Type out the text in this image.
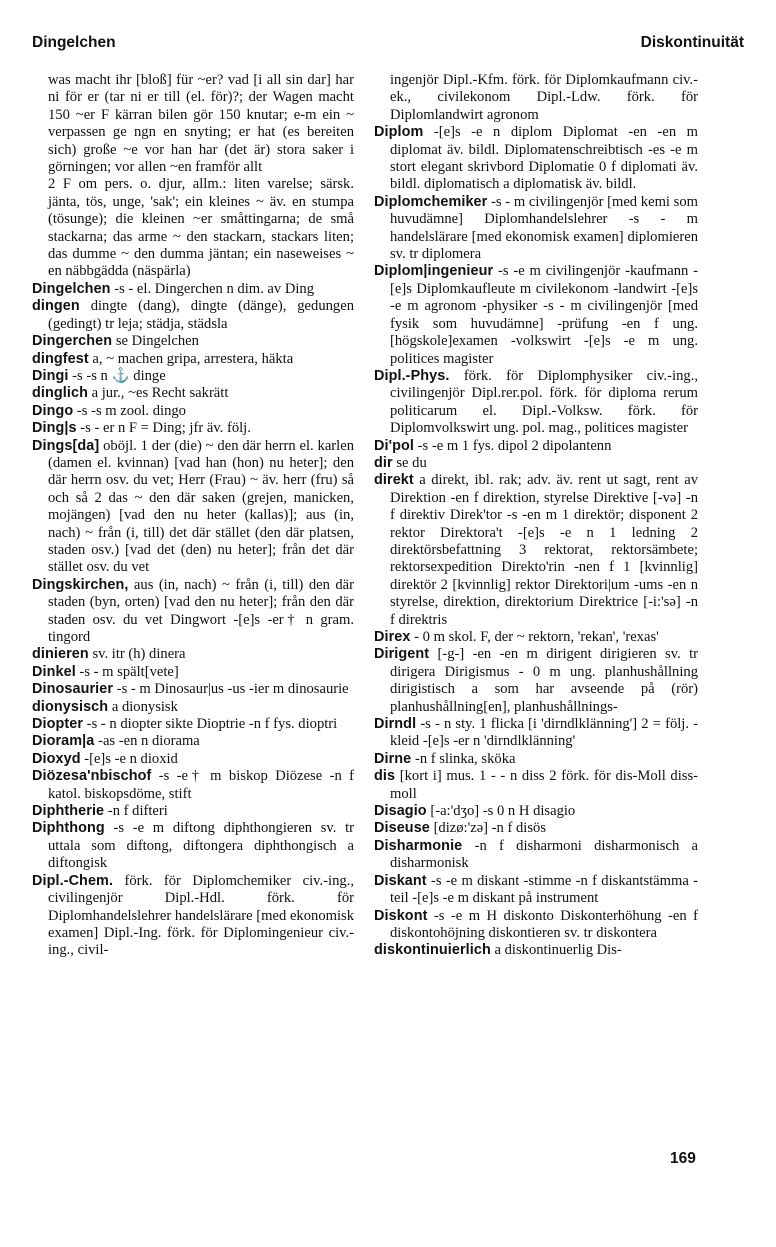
Dingelchen	Diskontinuität

was macht ihr [bloß] für ~er? vad [i all sin dar] har ni för er (tar ni er till (el. för)?; der Wagen macht 150 ~er F kärran bilen gör 150 knutar; e-m ein ~ verpassen ge ngn en snyting; er hat (es bereiten sich) große ~e vor han har (det är) stora saker i görningen; vor allen ~en framför allt

2 F om pers. o. djur, allm.: liten varelse; särsk. jänta, tös, unge, 'sak'; ein kleines ~ äv. en stumpa (tösunge); die kleinen ~er småttingarna; de små stackarna; das arme ~ den stackarn, stackars liten; das dumme ~ den dumma jäntan; ein naseweises ~ en näbbgädda (näspärla)

Dingelchen -s - el. Dingerchen n dim. av Ding

dingen dingte (dang), dingte (dänge), gedungen (gedingt) tr leja; städja, städsla

Dingerchen se Dingelchen

dingfest a, ~ machen gripa, arrestera, häkta

Dingi -s -s n ⚓ dinge

dinglich a jur., ~es Recht sakrätt

Dingo -s -s m zool. dingo

Ding|s -s - er n F = Ding; jfr äv. följ.

Dings[da] oböjl. 1 der (die) ~ den där herrn el. karlen (damen el. kvinnan) [vad han (hon) nu heter]; den där herrn osv. du vet; Herr (Frau) ~ äv. herr (fru) så och så 2 das ~ den där saken (grejen, manicken, mojängen) [vad den nu heter (kallas)]; aus (in, nach) ~ från (i, till) det där stället (den där platsen, staden osv.) [vad det (den) nu heter]; från det där stället osv. du vet

Dingskirchen, aus (in, nach) ~ från (i, till) den där staden (byn, orten) [vad den nu heter]; från den där staden osv. du vet Dingwort -[e]s -er† n gram. tingord

dinieren sv. itr (h) dinera

Dinkel -s - m spält[vete]

Dinosaurier -s - m Dinosaur|us -us -ier m dinosaurie

dionysisch a dionysisk

Diopter -s - n diopter sikte Dioptrie -n f fys. dioptri

Dioram|a -as -en n diorama

Dioxyd -[e]s -e n dioxid

Diözesa'nbischof -s -e† m biskop Diözese -n f katol. biskopsdöme, stift

Diphtherie -n f difteri

Diphthong -s -e m diftong diphthongieren sv. tr uttala som diftong, diftongera diphthongisch a diftongisk

Dipl.-Chem. förk. för Diplomchemiker civ.-ing., civilingenjör Dipl.-Hdl. förk. för Diplomhandelslehrer handelslärare [med ekonomisk examen] Dipl.-Ing. förk. för Diplomingenieur civ.-ing., civil-

ingenjör Dipl.-Kfm. förk. för Diplomkaufmann civ.-ek., civilekonom Dipl.-Ldw. förk. för Diplomlandwirt agronom

Diplom -[e]s -e n diplom Diplomat -en -en m diplomat äv. bildl. Diplomatenschreibtisch -es -e m stort elegant skrivbord Diplomatie 0 f diplomati äv. bildl. diplomatisch a diplomatisk äv. bildl.

Diplomchemiker -s - m civilingenjör [med kemi som huvudämne] Diplomhandelslehrer -s - m handelslärare [med ekonomisk examen] diplomieren sv. tr diplomera

Diplom|ingenieur -s -e m civilingenjör -kaufmann -[e]s Diplomkaufleute m civilekonom -landwirt -[e]s -e m agronom -physiker -s - m civilingenjör [med fysik som huvudämne] -prüfung -en f ung. [högskole]examen -volkswirt -[e]s -e m ung. politices magister

Dipl.-Phys. förk. för Diplomphysiker civ.-ing., civilingenjör Dipl.rer.pol. förk. för diploma rerum politicarum el. Dipl.-Volksw. förk. för Diplomvolkswirt ung. pol. mag., politices magister

Di'pol -s -e m 1 fys. dipol 2 dipolantenn

dir se du

direkt a direkt, ibl. rak; adv. äv. rent ut sagt, rent av Direktion -en f direktion, styrelse Direktive [-və] -n f direktiv Direk'tor -s -en m 1 direktör; disponent 2 rektor Direktora't -[e]s -e n 1 ledning 2 direktörsbefattning 3 rektorat, rektorsämbete; rektorsexpedition Direkto'rin -nen f 1 [kvinnlig] direktör 2 [kvinnlig] rektor Direktori|um -ums -en n styrelse, direktion, direktorium Direktrice [-i:'sə] -n f direktris

Direx - 0 m skol. F, der ~ rektorn, 'rekan', 'rexas'

Dirigent [-g-] -en -en m dirigent dirigieren sv. tr dirigera Dirigismus - 0 m ung. planhushållning dirigistisch a som har avseende på (rör) planhushållning[en], planhushållnings-

Dirndl -s - n sty. 1 flicka [i 'dirndlklänning'] 2 = följ. -kleid -[e]s -er n 'dirndlklänning'

Dirne -n f slinka, sköka

dis [kort i] mus. 1 - - n diss 2 förk. för dis-Moll diss-moll

Disagio [-a:'dʒo] -s 0 n H disagio

Diseuse [dizø:'zə] -n f disös

Disharmonie -n f disharmoni disharmonisch a disharmonisk

Diskant -s -e m diskant -stimme -n f diskantstämma -teil -[e]s -e m diskant på instrument

Diskont -s -e m H diskonto Diskonterhöhung -en f diskontohöjning diskontieren sv. tr diskontera

diskontinuierlich a diskontinuerlig Dis-

169
